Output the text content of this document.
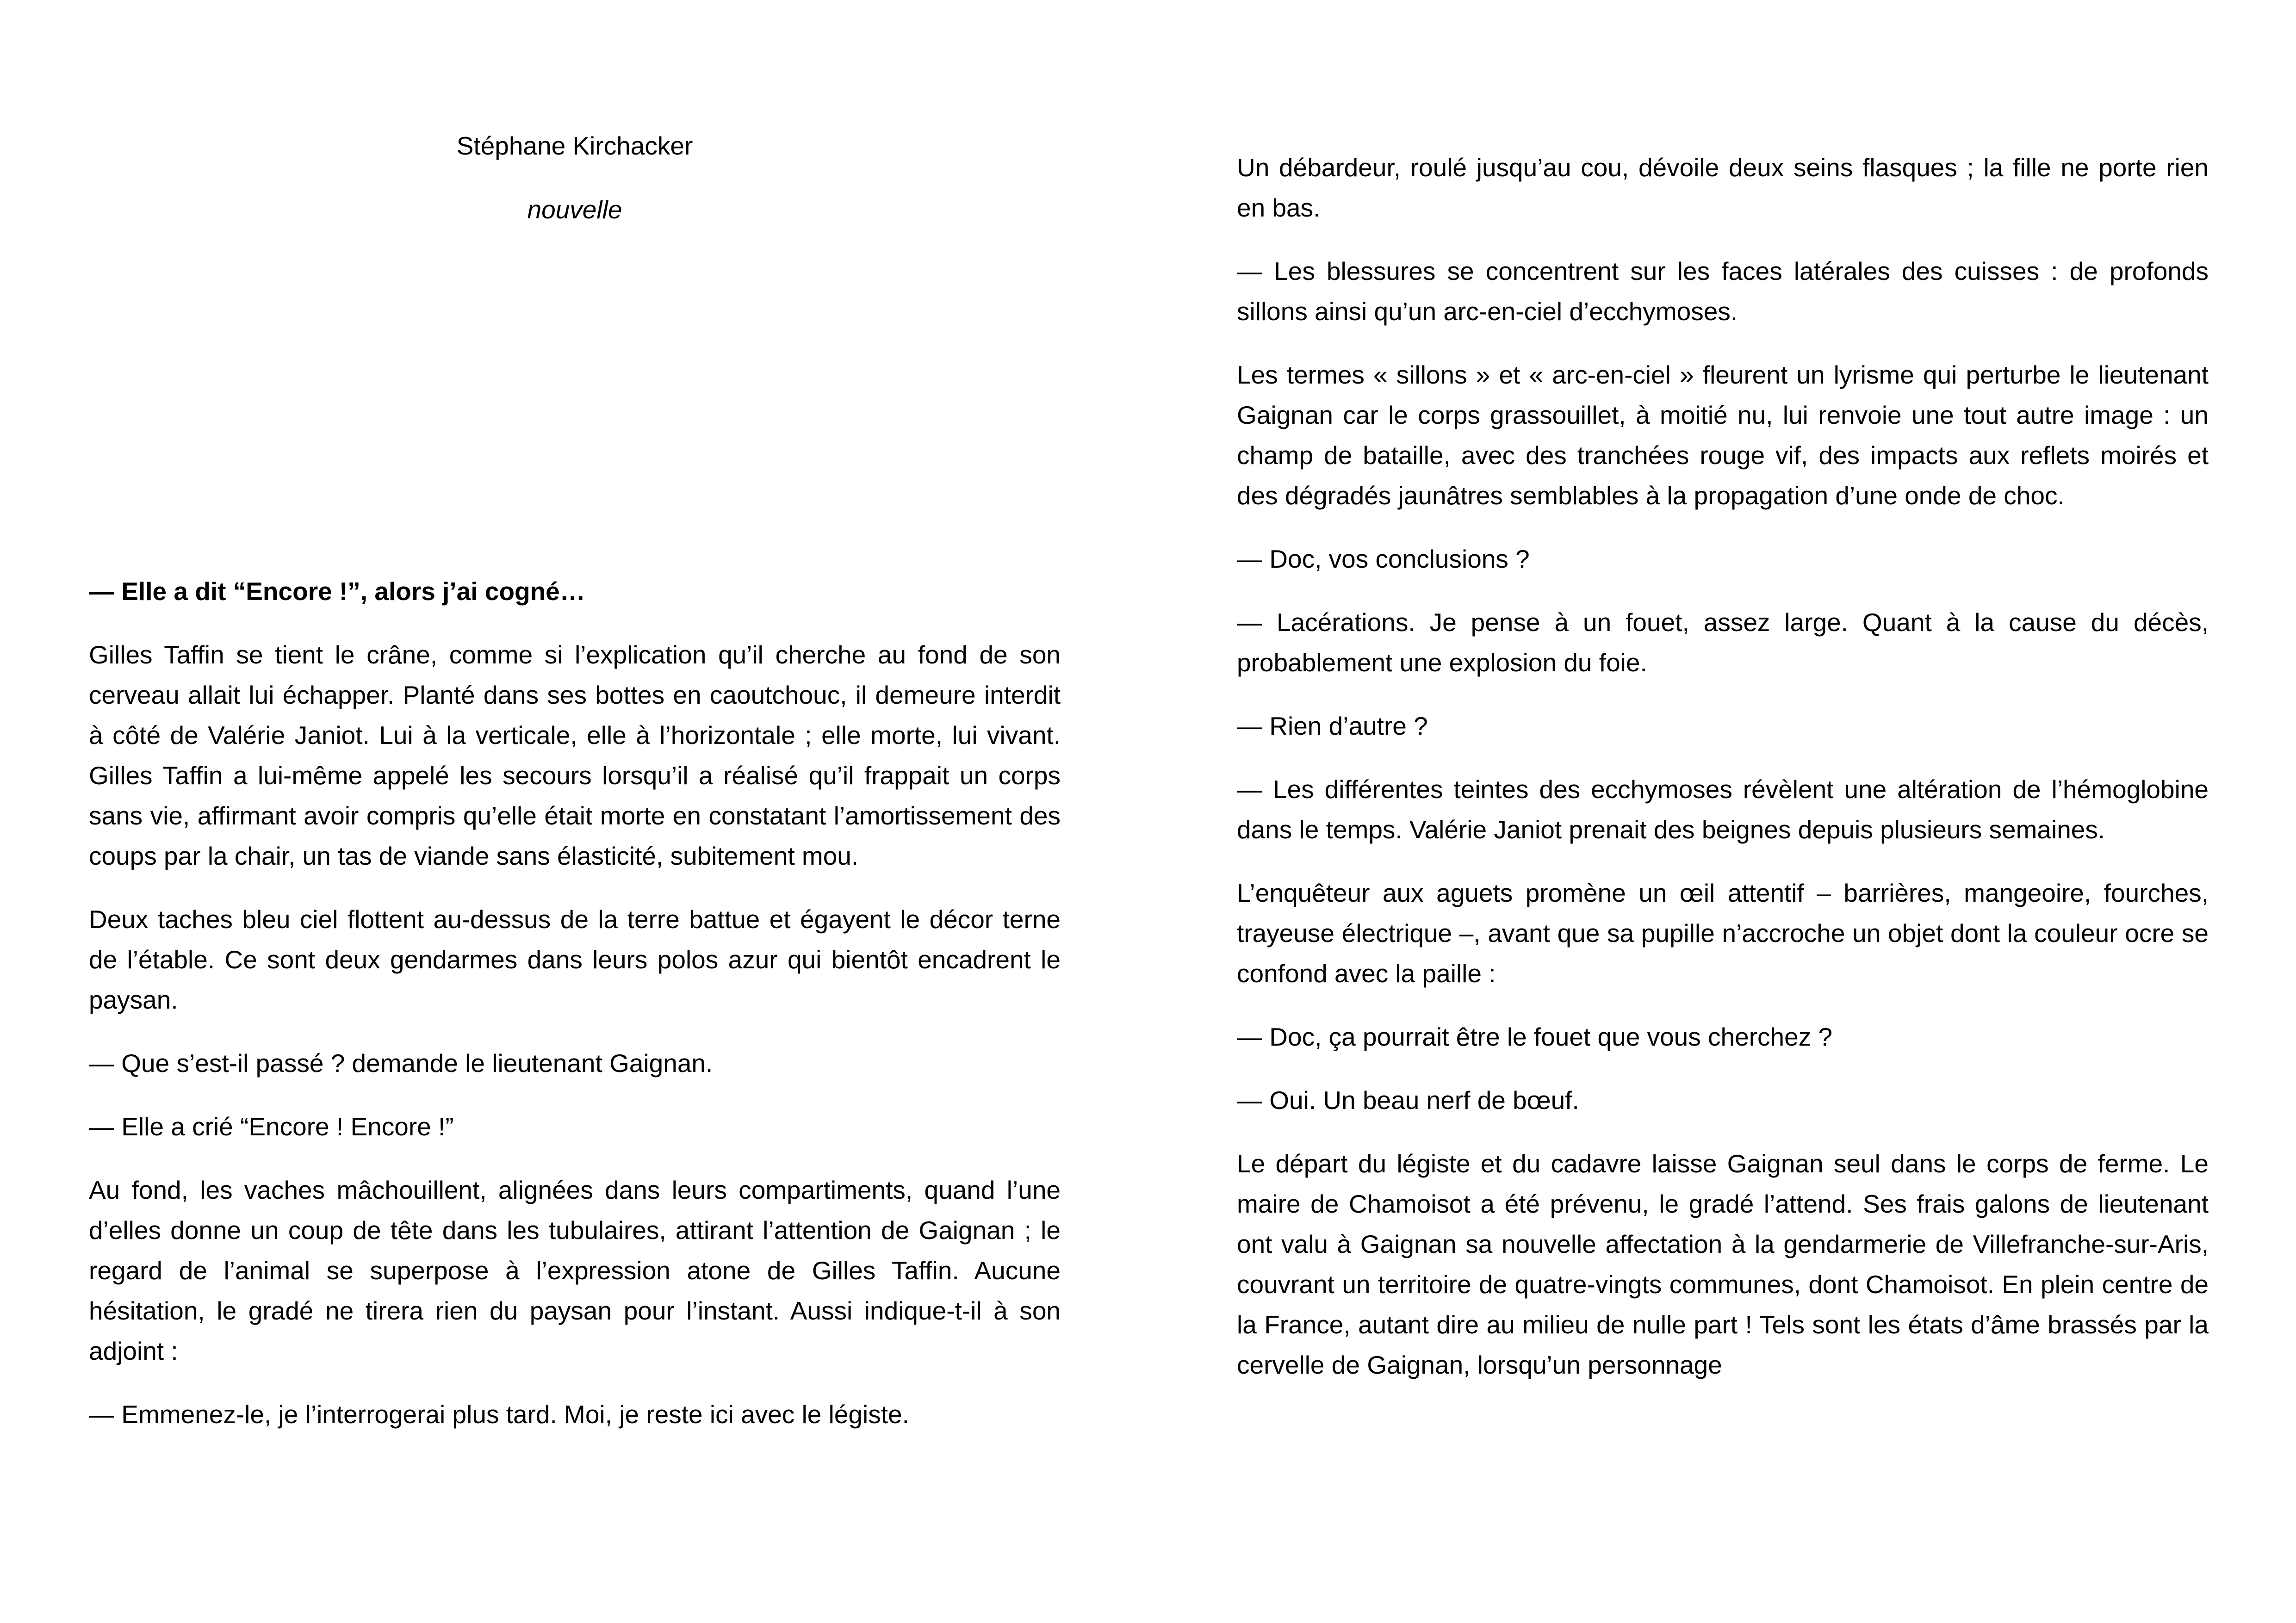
Stéphane Kirchacker
nouvelle

— Elle a dit “Encore !”, alors j’ai cogné…

Gilles Taffin se tient le crâne, comme si l’explication qu’il cherche au fond de son cerveau allait lui échapper. Planté dans ses bottes en caoutchouc, il demeure interdit à côté de Valérie Janiot. Lui à la verticale, elle à l’horizontale ; elle morte, lui vivant. Gilles Taffin a lui-même appelé les secours lorsqu’il a réalisé qu’il frappait un corps sans vie, affirmant avoir compris qu’elle était morte en constatant l’amortissement des coups par la chair, un tas de viande sans élasticité, subitement mou.

Deux taches bleu ciel flottent au-dessus de la terre battue et égayent le décor terne de l’étable. Ce sont deux gendarmes dans leurs polos azur qui bientôt encadrent le paysan.

— Que s’est-il passé ? demande le lieutenant Gaignan.

— Elle a crié “Encore ! Encore !”

Au fond, les vaches mâchouillent, alignées dans leurs compartiments, quand l’une d’elles donne un coup de tête dans les tubulaires, attirant l’attention de Gaignan ; le regard de l’animal se superpose à l’expression atone de Gilles Taffin. Aucune hésitation, le gradé ne tirera rien du paysan pour l’instant. Aussi indique-t-il à son adjoint :

— Emmenez-le, je l’interrogerai plus tard. Moi, je reste ici avec le légiste.

Un débardeur, roulé jusqu’au cou, dévoile deux seins flasques ; la fille ne porte rien en bas.

— Les blessures se concentrent sur les faces latérales des cuisses : de profonds sillons ainsi qu’un arc-en-ciel d’ecchymoses.

Les termes « sillons » et « arc-en-ciel » fleurent un lyrisme qui perturbe le lieutenant Gaignan car le corps grassouillet, à moitié nu, lui renvoie une tout autre image : un champ de bataille, avec des tranchées rouge vif, des impacts aux reflets moirés et des dégradés jaunâtres semblables à la propagation d’une onde de choc.

— Doc, vos conclusions ?

— Lacérations. Je pense à un fouet, assez large. Quant à la cause du décès, probablement une explosion du foie.

— Rien d’autre ?

— Les différentes teintes des ecchymoses révèlent une altération de l’hémoglobine dans le temps. Valérie Janiot prenait des beignes depuis plusieurs semaines.

L’enquêteur aux aguets promène un œil attentif – barrières, mangeoire, fourches, trayeuse électrique –, avant que sa pupille n’accroche un objet dont la couleur ocre se confond avec la paille :

— Doc, ça pourrait être le fouet que vous cherchez ?

— Oui. Un beau nerf de bœuf.

Le départ du légiste et du cadavre laisse Gaignan seul dans le corps de ferme. Le maire de Chamoisot a été prévenu, le gradé l’attend. Ses frais galons de lieutenant ont valu à Gaignan sa nouvelle affectation à la gendarmerie de Villefranche-sur-Aris, couvrant un territoire de quatre-vingts communes, dont Chamoisot. En plein centre de la France, autant dire au milieu de nulle part ! Tels sont les états d’âme brassés par la cervelle de Gaignan, lorsqu’un personnage
